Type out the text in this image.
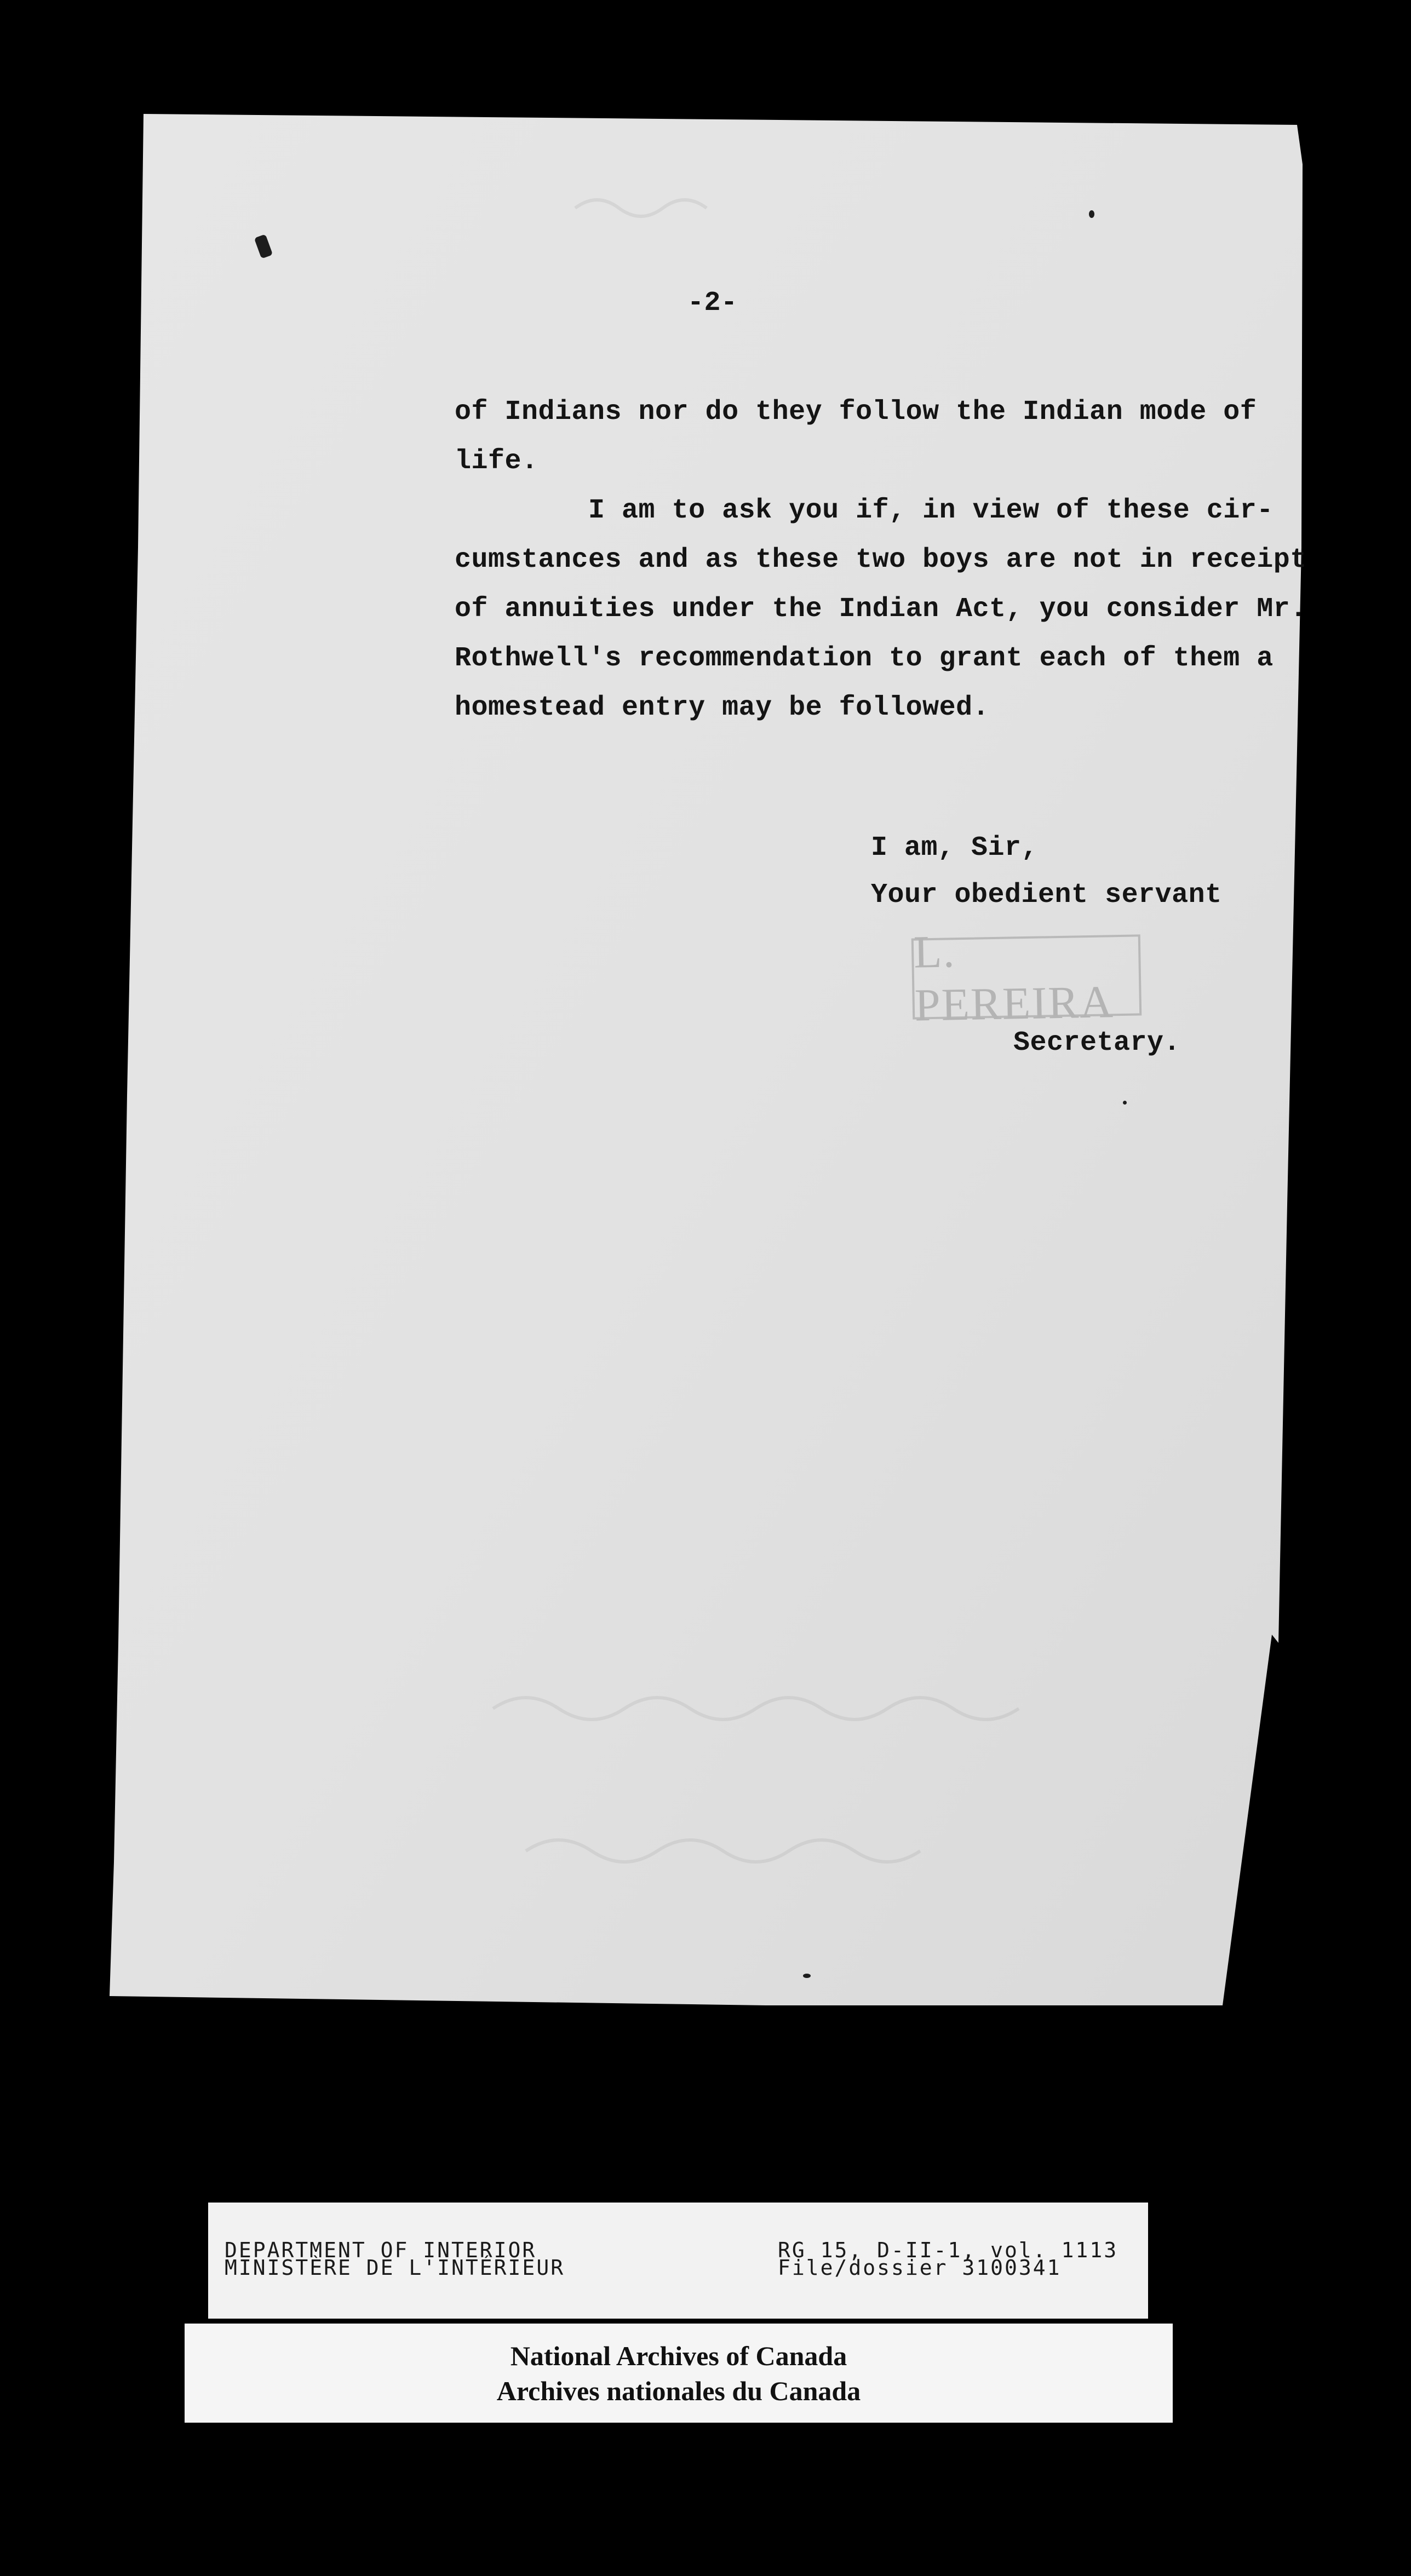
-2-
of Indians nor do they follow the Indian mode of
life.
I am to ask you if, in view of these cir-
cumstances and as these two boys are not in receipt
of annuities under the Indian Act, you consider Mr.
Rothwell's recommendation to grant each of them a
homestead entry may be followed.
I am, Sir,
Your obedient servant
L. PEREIRA
Secretary.
DEPARTMENT OF INTERIOR
MINISTÈRE DE L'INTÉRIEUR
RG 15, D-II-1, vol. 1113
File/dossier 3100341
National Archives of Canada
Archives nationales du Canada
